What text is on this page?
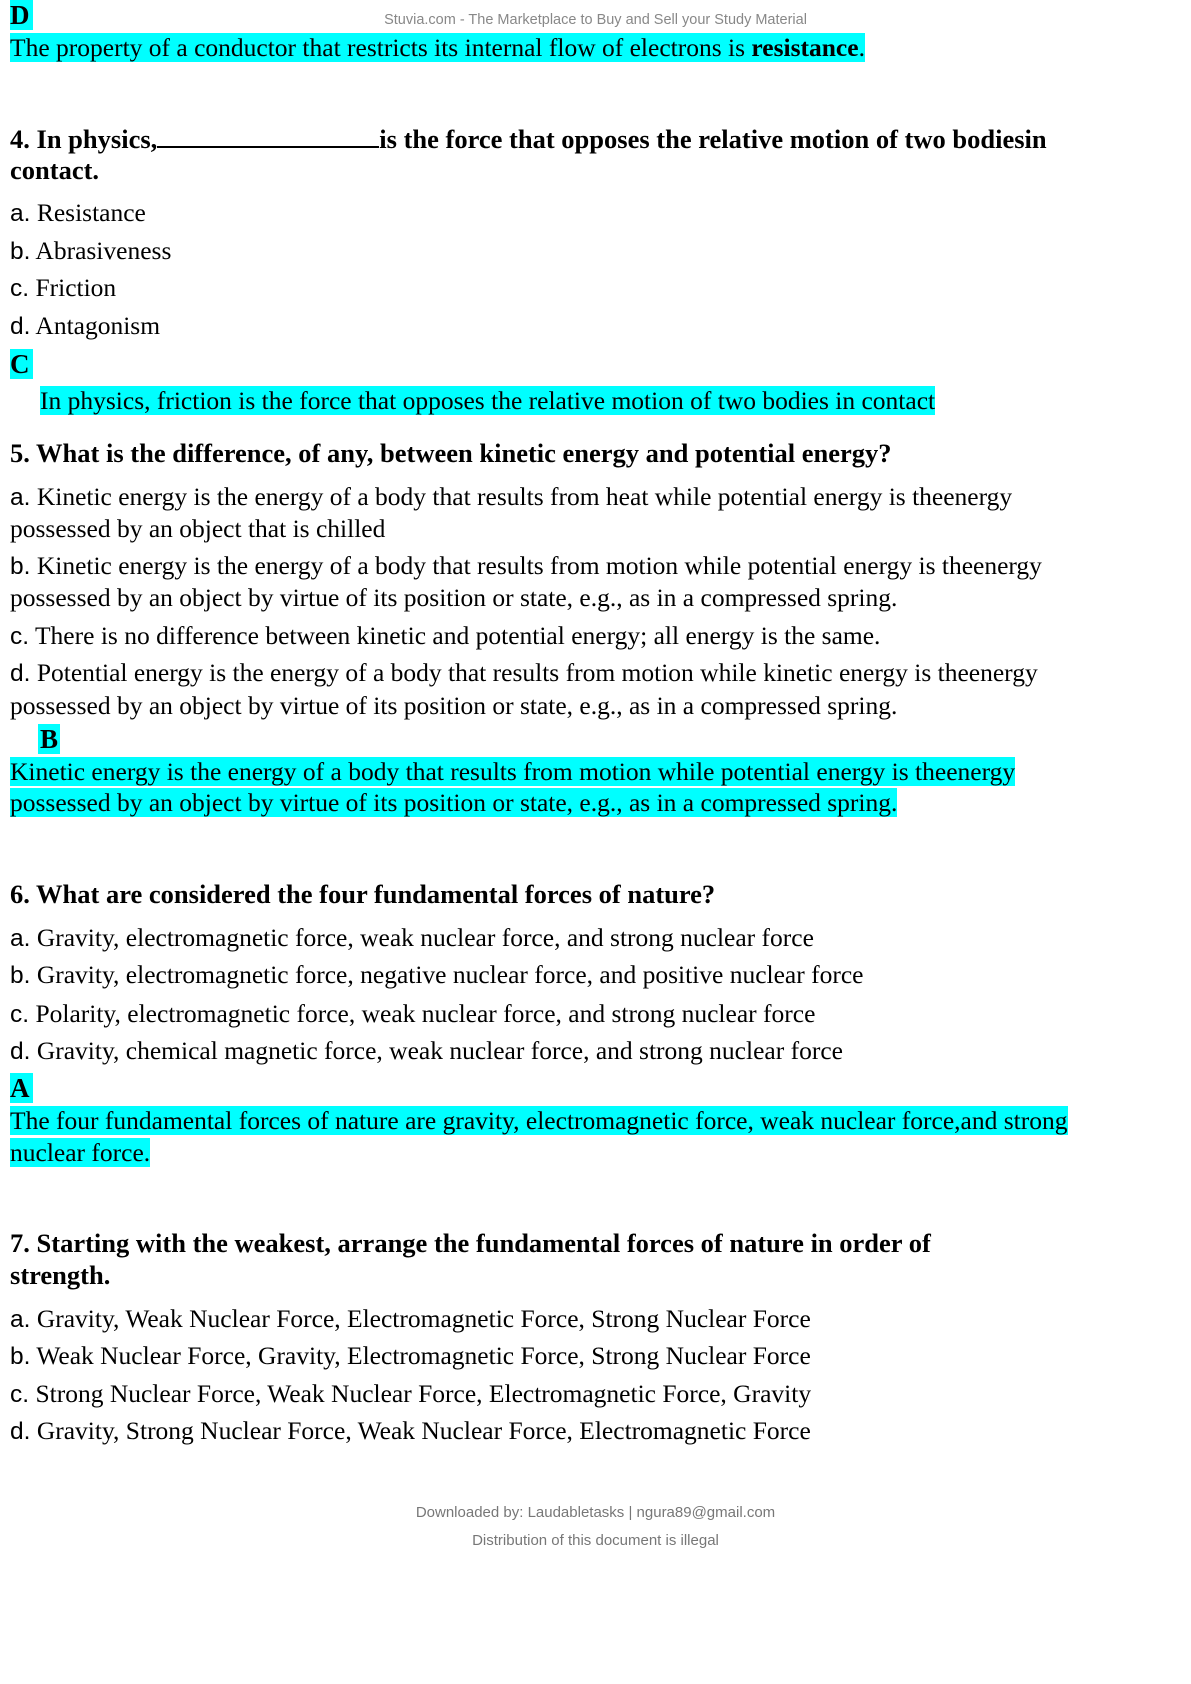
Stuvia.com - The Marketplace to Buy and Sell your Study Material
D
The property of a conductor that restricts its internal flow of electrons is resistance.
4. In physics,	is the force that opposes the relative motion of two bodiesin
contact.
a. Resistance
b. Abrasiveness
c. Friction
d. Antagonism
C
In physics, friction is the force that opposes the relative motion of two bodies in contact
5. What is the difference, of any, between kinetic energy and potential energy?
a. Kinetic energy is the energy of a body that results from heat while potential energy is theenergy
possessed by an object that is chilled
b. Kinetic energy is the energy of a body that results from motion while potential energy is theenergy
possessed by an object by virtue of its position or state, e.g., as in a compressed spring.
c. There is no difference between kinetic and potential energy; all energy is the same.
d. Potential energy is the energy of a body that results from motion while kinetic energy is theenergy
possessed by an object by virtue of its position or state, e.g., as in a compressed spring.
B
Kinetic energy is the energy of a body that results from motion while potential energy is theenergy
possessed by an object by virtue of its position or state, e.g., as in a compressed spring.
6. What are considered the four fundamental forces of nature?
a. Gravity, electromagnetic force, weak nuclear force, and strong nuclear force
b. Gravity, electromagnetic force, negative nuclear force, and positive nuclear force
c. Polarity, electromagnetic force, weak nuclear force, and strong nuclear force
d. Gravity, chemical magnetic force, weak nuclear force, and strong nuclear force
A
The four fundamental forces of nature are gravity, electromagnetic force, weak nuclear force,and strong
nuclear force.
7. Starting with the weakest, arrange the fundamental forces of nature in order of
strength.
a. Gravity, Weak Nuclear Force, Electromagnetic Force, Strong Nuclear Force
b. Weak Nuclear Force, Gravity, Electromagnetic Force, Strong Nuclear Force
c. Strong Nuclear Force, Weak Nuclear Force, Electromagnetic Force, Gravity
d. Gravity, Strong Nuclear Force, Weak Nuclear Force, Electromagnetic Force
Downloaded by: Laudabletasks | ngura89@gmail.com
Distribution of this document is illegal
